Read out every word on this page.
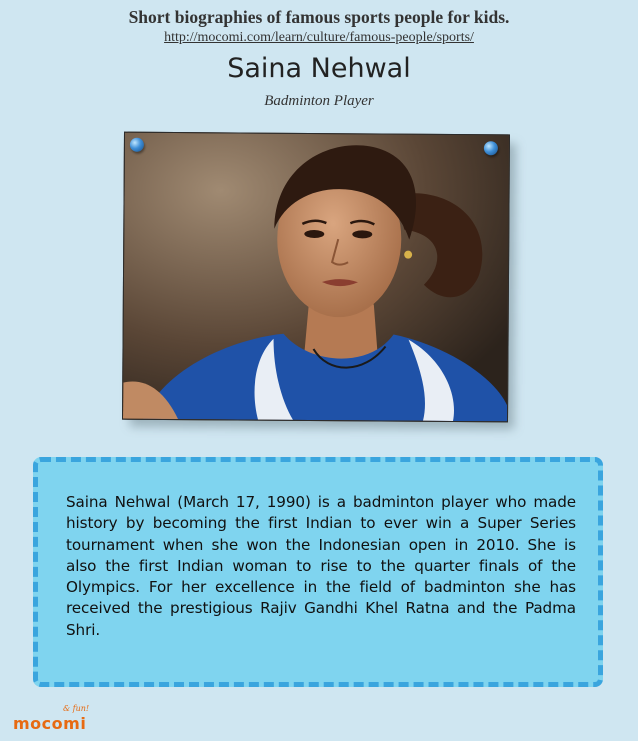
Short biographies of famous sports people for kids.
http://mocomi.com/learn/culture/famous-people/sports/
Saina Nehwal
Badminton Player
Saina Nehwal (March 17, 1990) is a badminton player who made history by becoming the first Indian to ever win a Super Series tournament when she won the Indonesian open in 2010. She is also the first Indian woman to rise to the quarter finals of the Olympics. For her excellence in the field of badminton she has received the prestigious Rajiv Gandhi Khel Ratna and the Padma Shri.
& fun!
mocomi
